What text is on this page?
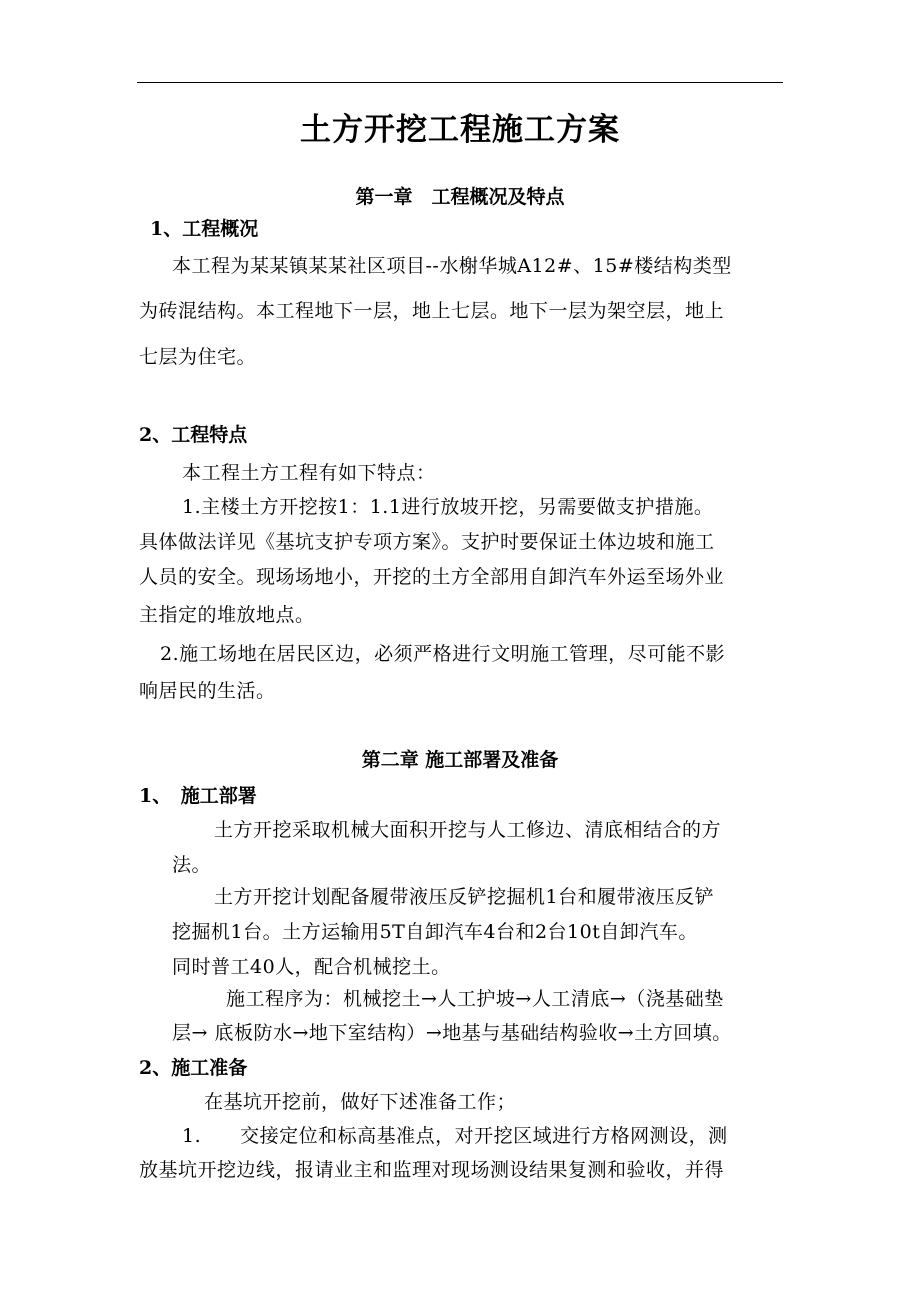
土方开挖工程施工方案
第一章　工程概况及特点
1、工程概况
本工程为某某镇某某社区项目--水榭华城A12#、15#楼结构类型
为砖混结构。本工程地下一层，地上七层。地下一层为架空层，地上
七层为住宅。
2、工程特点
本工程土方工程有如下特点：
1.主楼土方开挖按1：1.1进行放坡开挖，另需要做支护措施。
具体做法详见《基坑支护专项方案》。支护时要保证土体边坡和施工
人员的安全。现场场地小，开挖的土方全部用自卸汽车外运至场外业
主指定的堆放地点。
2.施工场地在居民区边，必须严格进行文明施工管理，尽可能不影
响居民的生活。
第二章 施工部署及准备
1、　施工部署
土方开挖采取机械大面积开挖与人工修边、清底相结合的方
法。
土方开挖计划配备履带液压反铲挖掘机1台和履带液压反铲
挖掘机1台。土方运输用5T自卸汽车4台和2台10t自卸汽车。
同时普工40人，配合机械挖土。
施工程序为：机械挖土→人工护坡→人工清底→（浇基础垫
层→ 底板防水→地下室结构）→地基与基础结构验收→土方回填。
2、施工准备
在基坑开挖前，做好下述准备工作；
1.　　交接定位和标高基准点，对开挖区域进行方格网测设，测
放基坑开挖边线，报请业主和监理对现场测设结果复测和验收，并得
